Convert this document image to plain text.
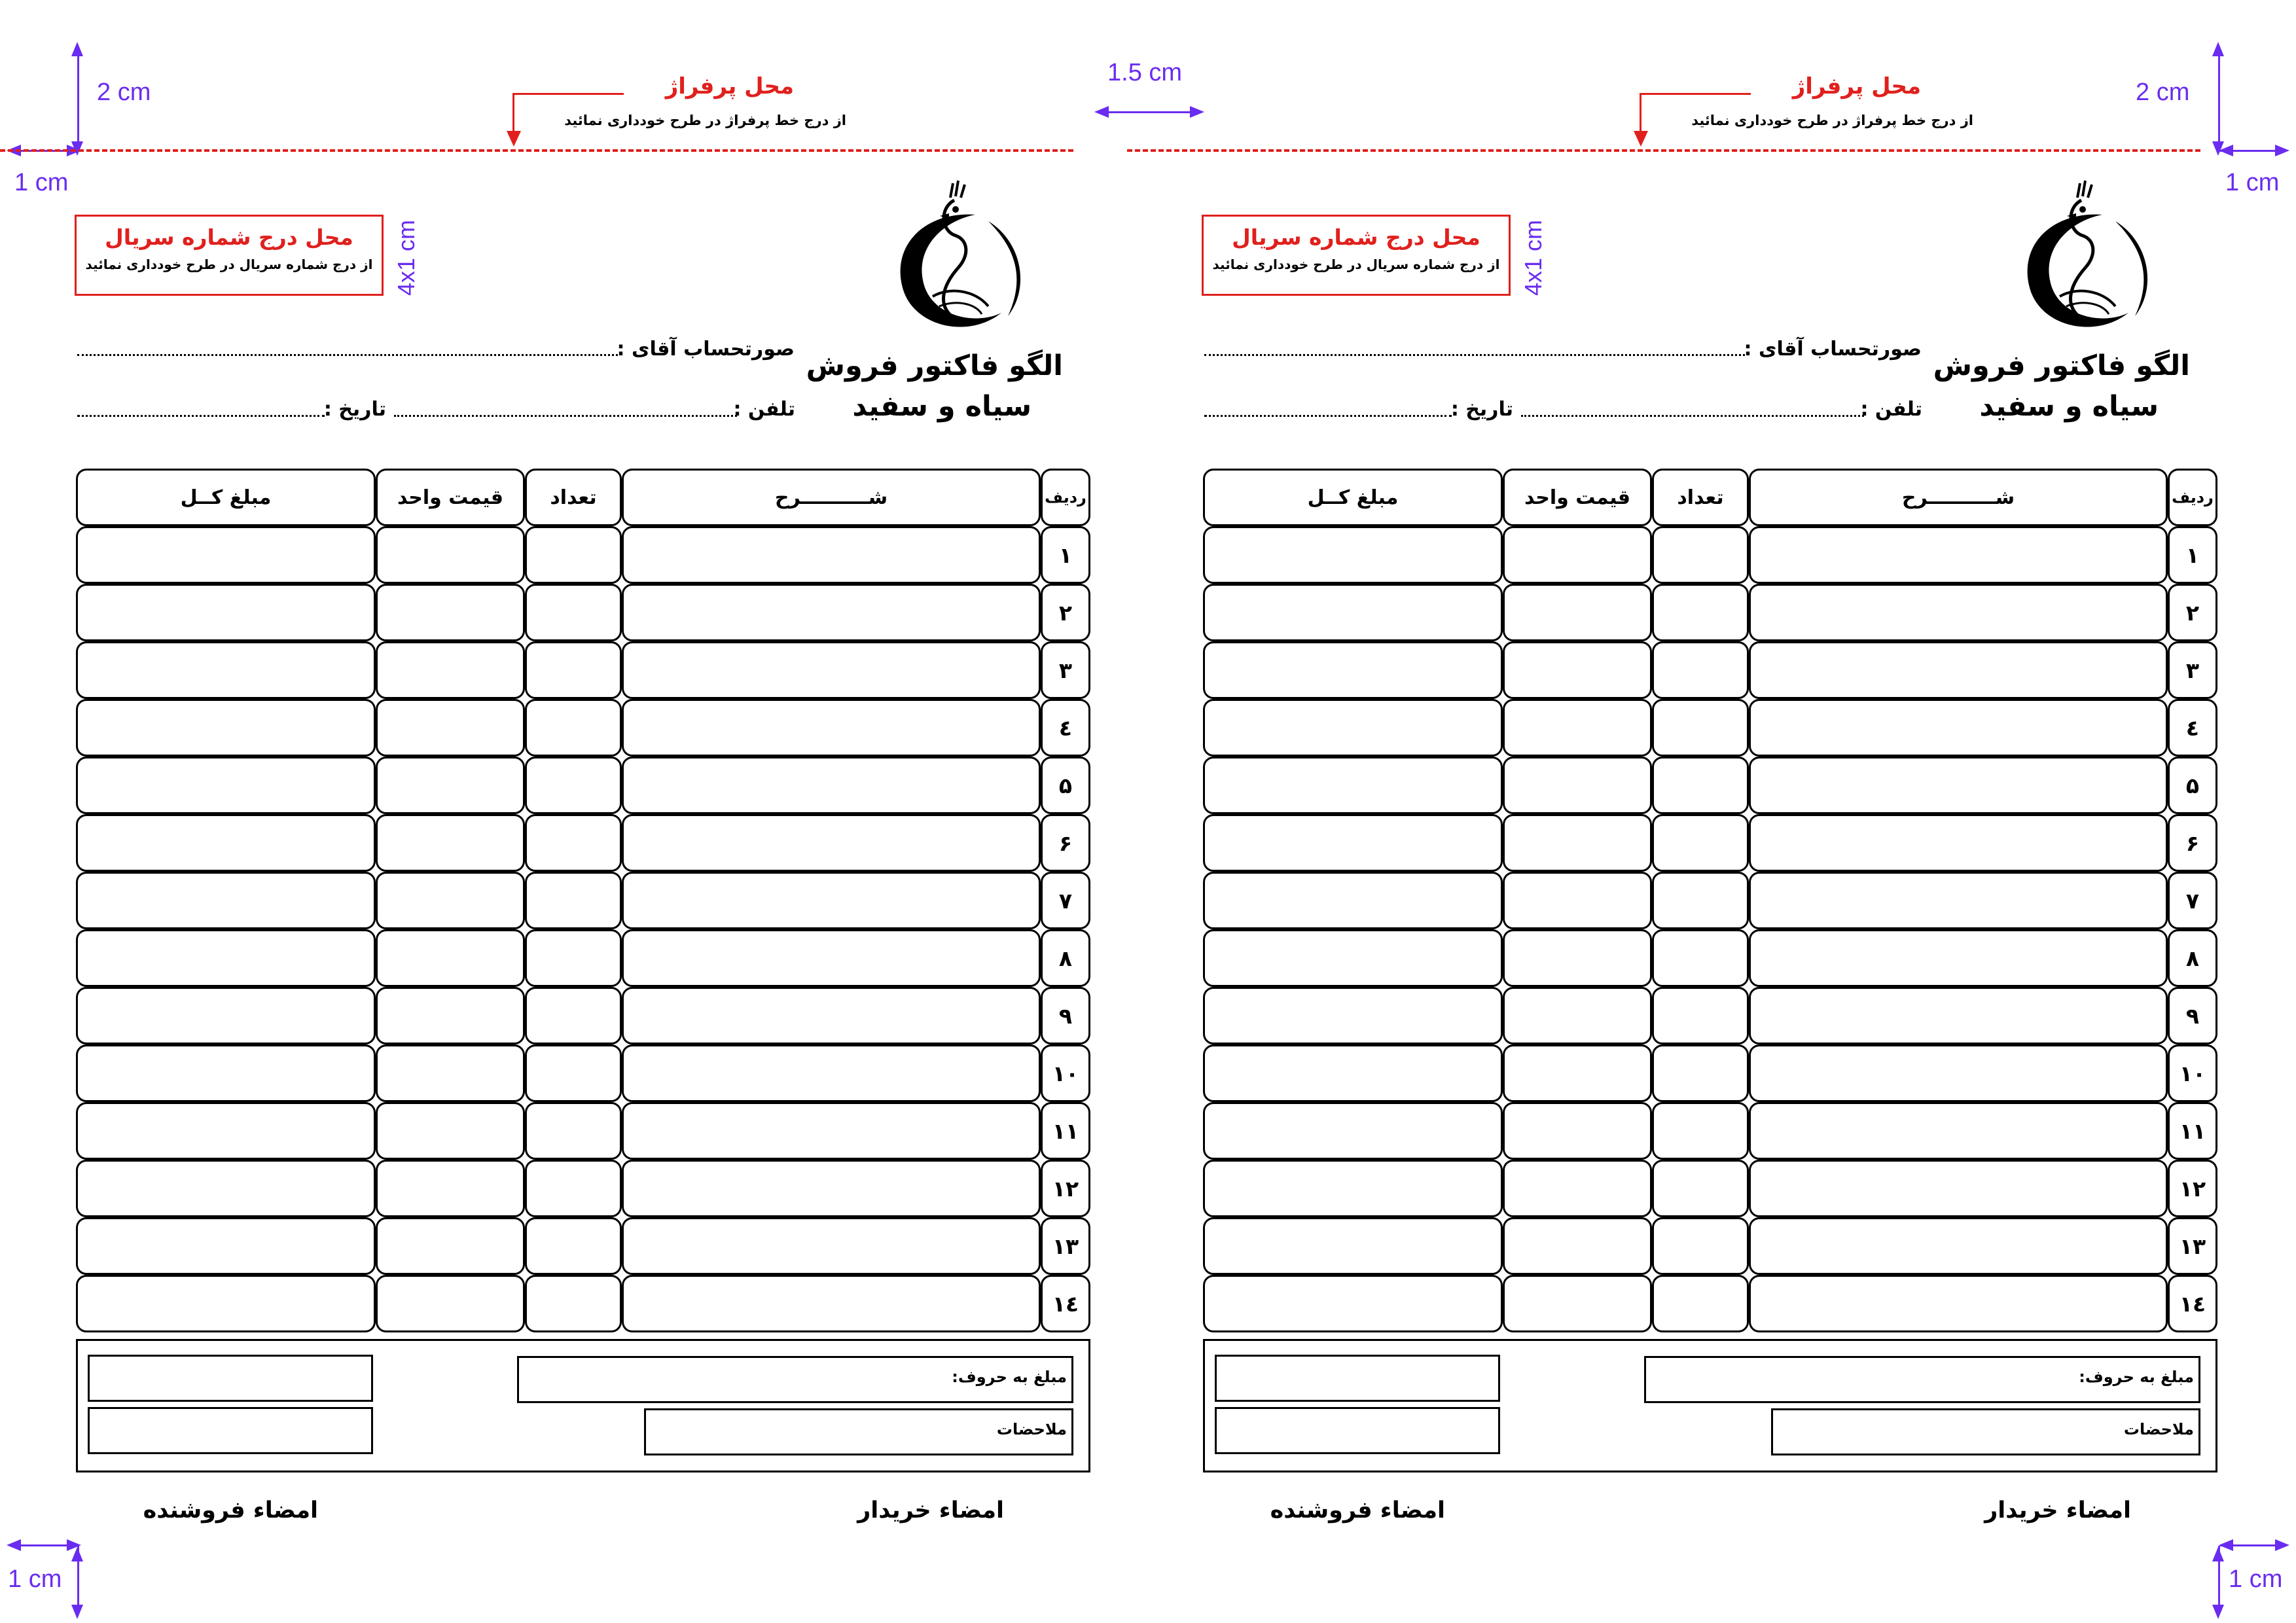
2 cm
1 cm
1.5 cm
2 cm
1 cm
1 cm	1 cm
محل پرفراژ
از درج خط پرفراژ در طرح خودداری نمائید
محل درج شماره سریال
از درج شماره سریال در طرح خودداری نمائید 4x1 cm
الگو فاکتور فروش
سیاه و سفید
صورتحساب آقای :
تلفن :
تاریخ :
ردیف
شــــــــــرح
تعداد
قیمت واحد
مبلغ کــل
۱
۲
۳
٤
۵
۶
۷
۸
۹
۱۰
۱۱
۱۲
۱۳
۱٤
مبلغ به حروف:
ملاحضات
امضاء خریدار
امضاء فروشنده
محل پرفراژ
از درج خط پرفراژ در طرح خودداری نمائید
محل درج شماره سریال
از درج شماره سریال در طرح خودداری نمائید 4x1 cm
الگو فاکتور فروش
سیاه و سفید
صورتحساب آقای :
تلفن :
تاریخ :
ردیف
شــــــــــرح
تعداد
قیمت واحد
مبلغ کــل
۱
۲
۳
٤
۵
۶
۷
۸
۹
۱۰
۱۱
۱۲
۱۳
۱٤
مبلغ به حروف:
ملاحضات
امضاء خریدار
امضاء فروشنده
